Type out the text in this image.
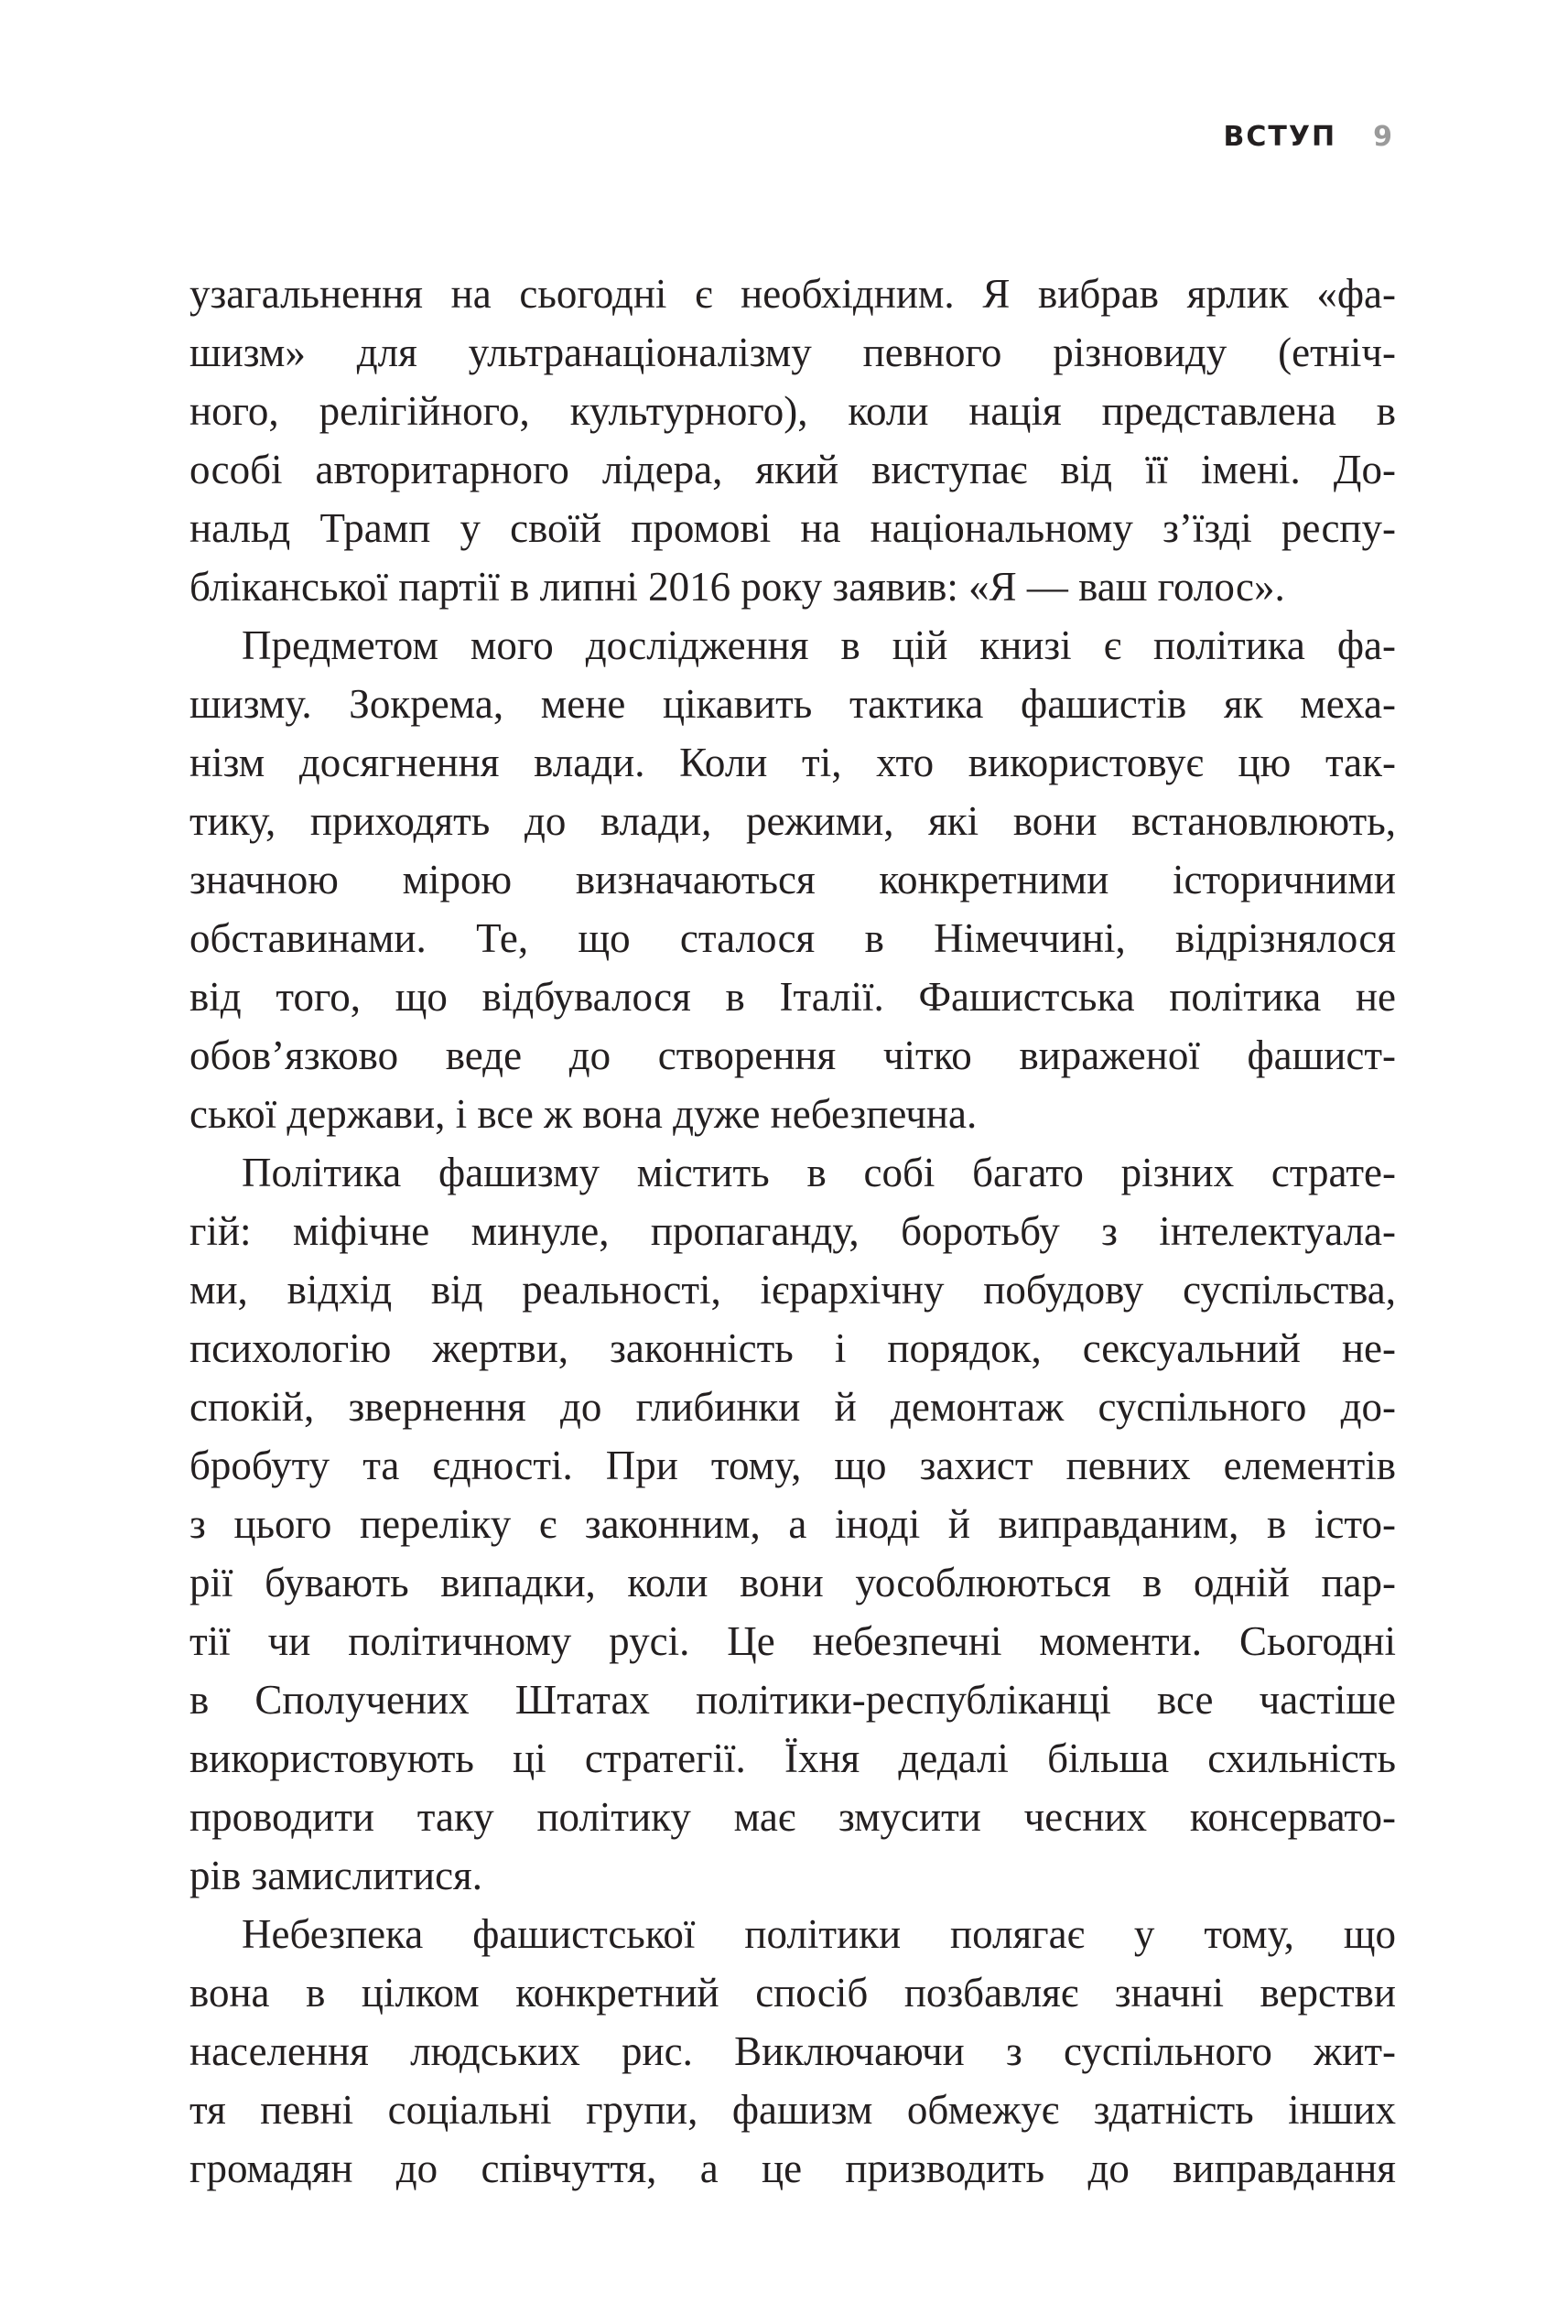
ВСТУП 9
узагальнення на сьогодні є необхідним. Я вибрав ярлик «фа-
шизм» для ультранаціоналізму певного різновиду (етніч-
ного, релігійного, культурного), коли нація представлена в
особі авторитарного лідера, який виступає від її імені. До-
нальд Трамп у своїй промові на національному з’їзді респу-
бліканської партії в липні 2016 року заявив: «Я — ваш голос».
Предметом мого дослідження в цій книзі є політика фа-
шизму. Зокрема, мене цікавить тактика фашистів як меха-
нізм досягнення влади. Коли ті, хто використовує цю так-
тику, приходять до влади, режими, які вони встановлюють,
значною мірою визначаються конкретними історичними
обставинами. Те, що сталося в Німеччині, відрізнялося
від того, що відбувалося в Італії. Фашистська політика не
обов’язково веде до створення чітко вираженої фашист-
ської держави, і все ж вона дуже небезпечна.
Політика фашизму містить в собі багато різних страте-
гій: міфічне минуле, пропаганду, боротьбу з інтелектуала-
ми, відхід від реальності, ієрархічну побудову суспільства,
психологію жертви, законність і порядок, сексуальний не-
спокій, звернення до глибинки й демонтаж суспільного до-
бробуту та єдності. При тому, що захист певних елементів
з цього переліку є законним, а іноді й виправданим, в істо-
рії бувають випадки, коли вони уособлюються в одній пар-
тії чи політичному русі. Це небезпечні моменти. Сьогодні
в Сполучених Штатах політики-республіканці все частіше
використовують ці стратегії. Їхня дедалі більша схильність
проводити таку політику має змусити чесних консервато-
рів замислитися.
Небезпека фашистської політики полягає у тому, що
вона в цілком конкретний спосіб позбавляє значні верстви
населення людських рис. Виключаючи з суспільного жит-
тя певні соціальні групи, фашизм обмежує здатність інших
громадян до співчуття, а це призводить до виправдання
